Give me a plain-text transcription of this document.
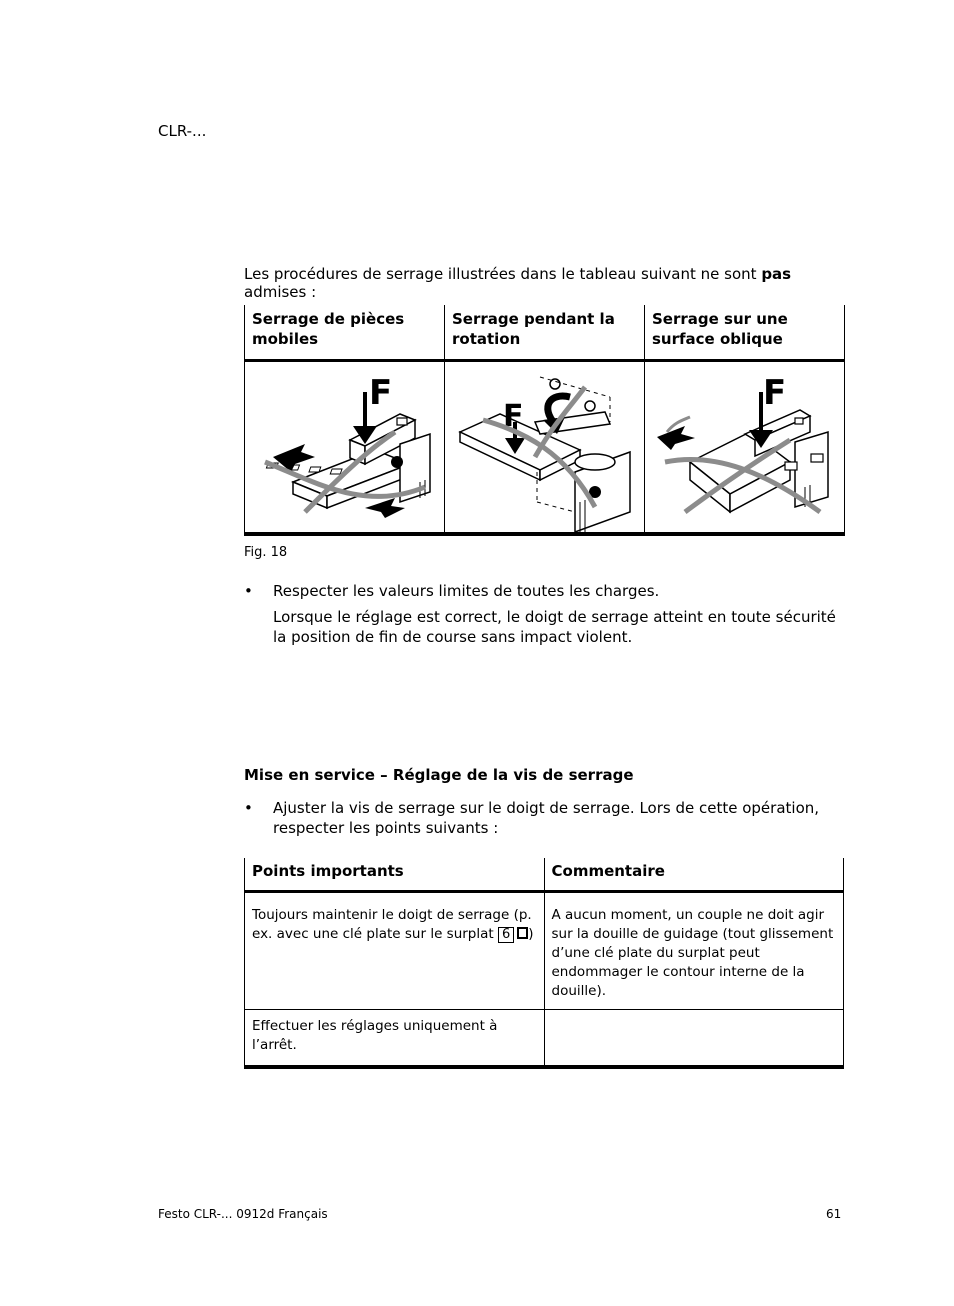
CLR-...
Les procédures de serrage illustrées dans le tableau suivant ne sont pas admises :
Serrage de pièces mobiles	Serrage pendant la rotation	Serrage sur une surface oblique

F	F	F
Fig. 18
•	Respecter les valeurs limites de toutes les charges.
Lorsque le réglage est correct, le doigt de serrage atteint en toute sécurité la position de fin de course sans impact violent.
Mise en service – Réglage de la vis de serrage
•	Ajuster la vis de serrage sur le doigt de serrage. Lors de cette opération, respecter les points suivants :
Points importants	Commentaire
Toujours maintenir le doigt de serrage (p. ex. avec une clé plate sur le surplat 6 )	A aucun moment, un couple ne doit agir sur la douille de guidage (tout glissement d’une clé plate du surplat peut endommager le contour interne de la douille).
Effectuer les réglages uniquement à l’arrêt.	
Festo CLR-... 0912d Français	61
